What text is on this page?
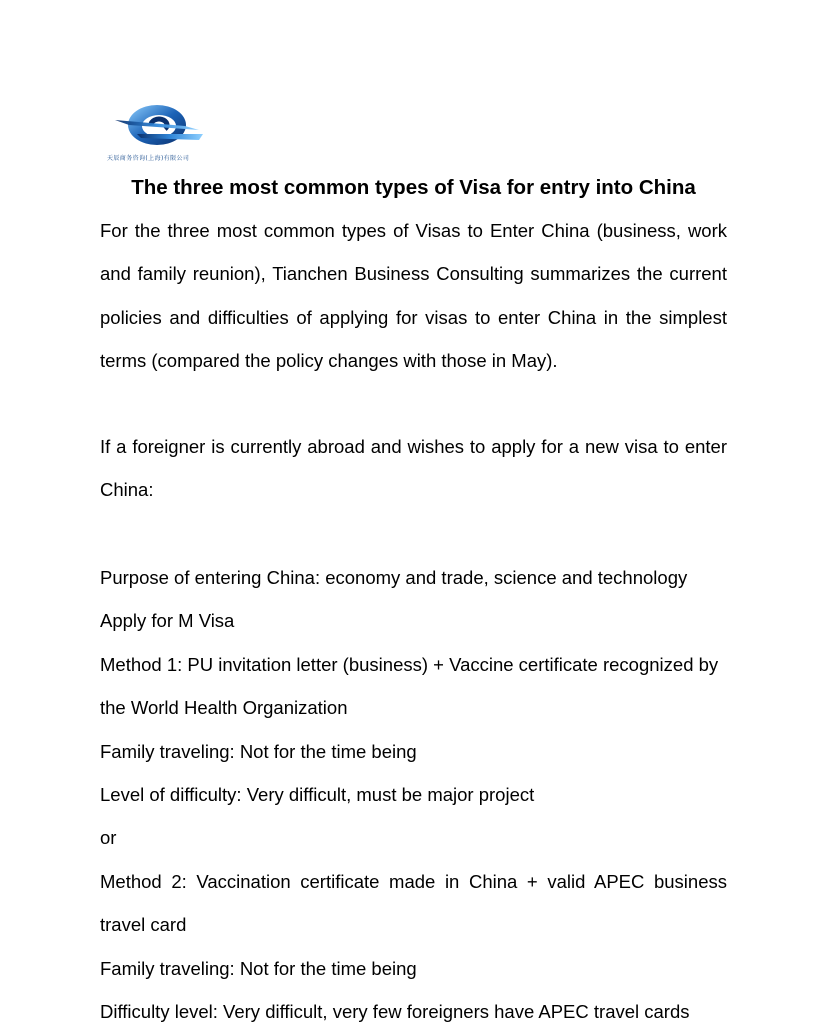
天辰商务咨询(上海)有限公司
The three most common types of Visa for entry into China

For the three most common types of Visas to Enter China (business, work and family reunion), Tianchen Business Consulting summarizes the current policies and difficulties of applying for visas to enter China in the simplest terms (compared the policy changes with those in May).

If a foreigner is currently abroad and wishes to apply for a new visa to enter China:

Purpose of entering China: economy and trade, science and technology
Apply for M Visa
Method 1: PU invitation letter (business) + Vaccine certificate recognized by the World Health Organization
Family traveling: Not for the time being
Level of difficulty: Very difficult, must be major project
or
Method 2: Vaccination certificate made in China + valid APEC business travel card
Family traveling: Not for the time being
Difficulty level: Very difficult, very few foreigners have APEC travel cards
